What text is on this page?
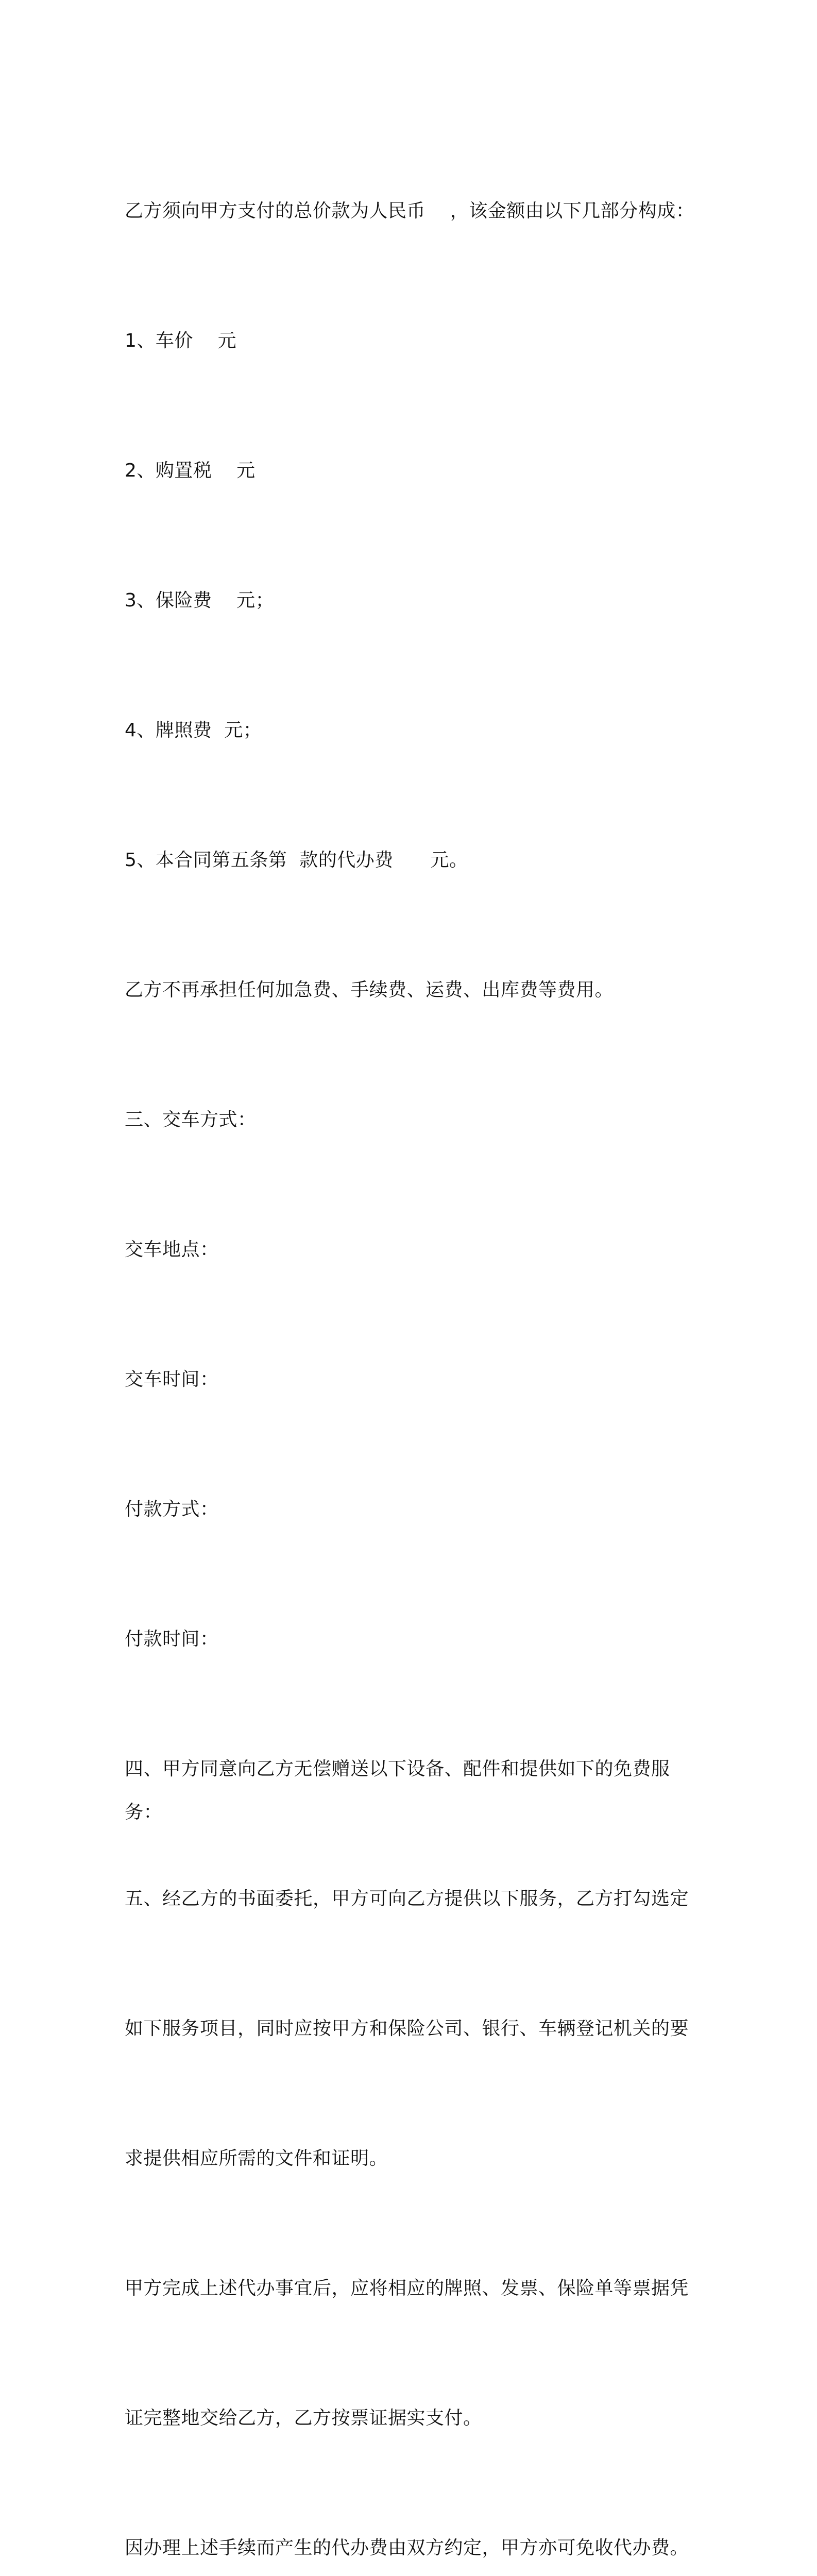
乙方须向甲方支付的总价款为人民币    ，该金额由以下几部分构成：

1、车价    元

2、购置税    元

3、保险费    元；

4、牌照费  元；

5、本合同第五条第  款的代办费      元。

乙方不再承担任何加急费、手续费、运费、出库费等费用。

三、交车方式：

交车地点：

交车时间：

付款方式：

付款时间：

四、甲方同意向乙方无偿赠送以下设备、配件和提供如下的免费服务：

五、经乙方的书面委托，甲方可向乙方提供以下服务，乙方打勾选定

如下服务项目，同时应按甲方和保险公司、银行、车辆登记机关的要

求提供相应所需的文件和证明。

甲方完成上述代办事宜后，应将相应的牌照、发票、保险单等票据凭

证完整地交给乙方，乙方按票证据实支付。

因办理上述手续而产生的代办费由双方约定，甲方亦可免收代办费。
